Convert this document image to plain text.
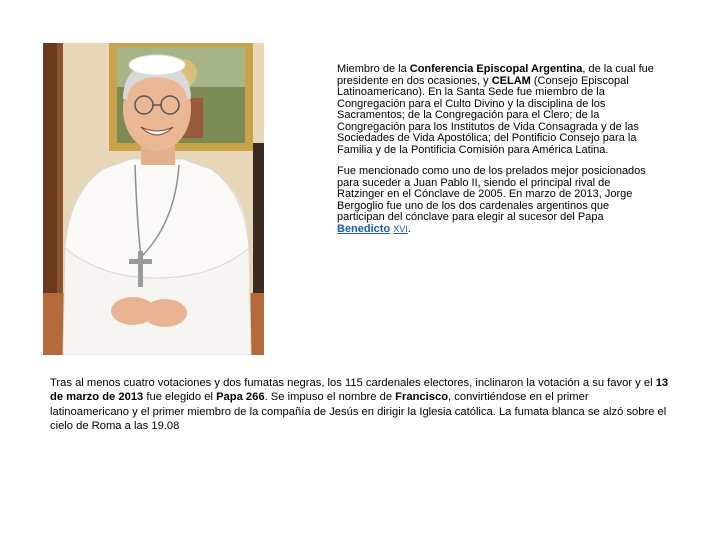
Miembro de la Conferencia Episcopal Argentina, de la cual fue presidente en dos ocasiones, y CELAM (Consejo Episcopal Latinoamericano). En la Santa Sede fue miembro de la Congregación para el Culto Divino y la disciplina de los Sacramentos; de la Congregación para el Clero; de la Congregación para los Institutos de Vida Consagrada y de las Sociedades de Vida Apostólica; del Pontificio Consejo para la Familia y de la Pontificia Comisión para América Latina.

Fue mencionado como uno de los prelados mejor posicionados para suceder a Juan Pablo II, siendo el principal rival de Ratzinger en el Cónclave de 2005. En marzo de 2013, Jorge Bergoglio fue uno de los dos cardenales argentinos que participan del cónclave para elegir al sucesor del Papa Benedicto XVI.

Tras al menos cuatro votaciones y dos fumatas negras, los 115 cardenales electores, inclinaron la votación a su favor y el 13 de marzo de 2013 fue elegido el Papa 266. Se impuso el nombre de Francisco, convirtiéndose en el primer latinoamericano y el primer miembro de la compañía de Jesús en dirigir la Iglesia católica. La fumata blanca se alzó sobre el cielo de Roma a las 19.08
